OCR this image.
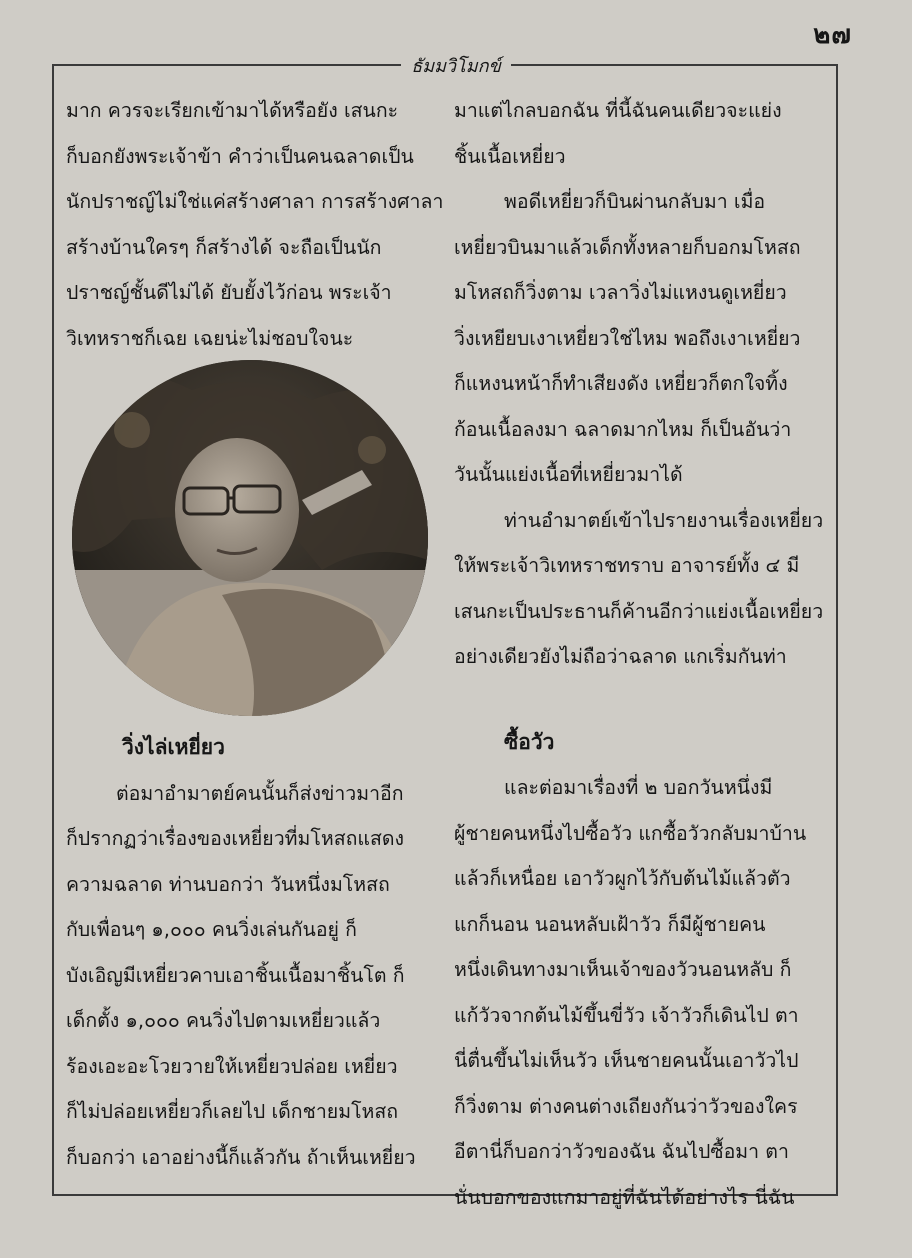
๒๗
ธัมมวิโมกข์

มาก ควรจะเรียกเข้ามาได้หรือยัง เสนกะ

ก็บอกยังพระเจ้าข้า คำว่าเป็นคนฉลาดเป็น

นักปราชญ์ไม่ใช่แค่สร้างศาลา การสร้างศาลา

สร้างบ้านใครๆ ก็สร้างได้ จะถือเป็นนัก

ปราชญ์ชั้นดีไม่ได้ ยับยั้งไว้ก่อน พระเจ้า

วิเทหราชก็เฉย เฉยน่ะไม่ชอบใจนะ

วิ่งไล่เหยี่ยว

ต่อมาอำมาตย์คนนั้นก็ส่งข่าวมาอีก

ก็ปรากฏว่าเรื่องของเหยี่ยวที่มโหสถแสดง

ความฉลาด ท่านบอกว่า วันหนึ่งมโหสถ

กับเพื่อนๆ ๑,๐๐๐ คนวิ่งเล่นกันอยู่ ก็

บังเอิญมีเหยี่ยวคาบเอาชิ้นเนื้อมาชิ้นโต ก็

เด็กตั้ง ๑,๐๐๐ คนวิ่งไปตามเหยี่ยวแล้ว

ร้องเอะอะโวยวายให้เหยี่ยวปล่อย เหยี่ยว

ก็ไม่ปล่อยเหยี่ยวก็เลยไป เด็กชายมโหสถ

ก็บอกว่า เอาอย่างนี้ก็แล้วกัน ถ้าเห็นเหยี่ยว

มาแต่ไกลบอกฉัน ที่นี้ฉันคนเดียวจะแย่ง

ชิ้นเนื้อเหยี่ยว

พอดีเหยี่ยวก็บินผ่านกลับมา เมื่อ

เหยี่ยวบินมาแล้วเด็กทั้งหลายก็บอกมโหสถ

มโหสถก็วิ่งตาม เวลาวิ่งไม่แหงนดูเหยี่ยว

วิ่งเหยียบเงาเหยี่ยวใช่ไหม พอถึงเงาเหยี่ยว

ก็แหงนหน้าก็ทำเสียงดัง เหยี่ยวก็ตกใจทิ้ง

ก้อนเนื้อลงมา ฉลาดมากไหม ก็เป็นอันว่า

วันนั้นแย่งเนื้อที่เหยี่ยวมาได้

ท่านอำมาตย์เข้าไปรายงานเรื่องเหยี่ยว

ให้พระเจ้าวิเทหราชทราบ อาจารย์ทั้ง ๔ มี

เสนกะเป็นประธานก็ค้านอีกว่าแย่งเนื้อเหยี่ยว

อย่างเดียวยังไม่ถือว่าฉลาด แกเริ่มกันท่า

ซื้อวัว

และต่อมาเรื่องที่ ๒ บอกวันหนึ่งมี

ผู้ชายคนหนึ่งไปซื้อวัว แกซื้อวัวกลับมาบ้าน

แล้วก็เหนื่อย เอาวัวผูกไว้กับต้นไม้แล้วตัว

แกก็นอน นอนหลับเฝ้าวัว ก็มีผู้ชายคน

หนึ่งเดินทางมาเห็นเจ้าของวัวนอนหลับ ก็

แก้วัวจากต้นไม้ขึ้นขี่วัว เจ้าวัวก็เดินไป ตา

นี่ตื่นขึ้นไม่เห็นวัว เห็นชายคนนั้นเอาวัวไป

ก็วิ่งตาม ต่างคนต่างเถียงกันว่าวัวของใคร

อีตานี่ก็บอกว่าวัวของฉัน ฉันไปซื้อมา ตา

นั่นบอกของแกมาอยู่ที่ฉันได้อย่างไร นี่ฉัน
